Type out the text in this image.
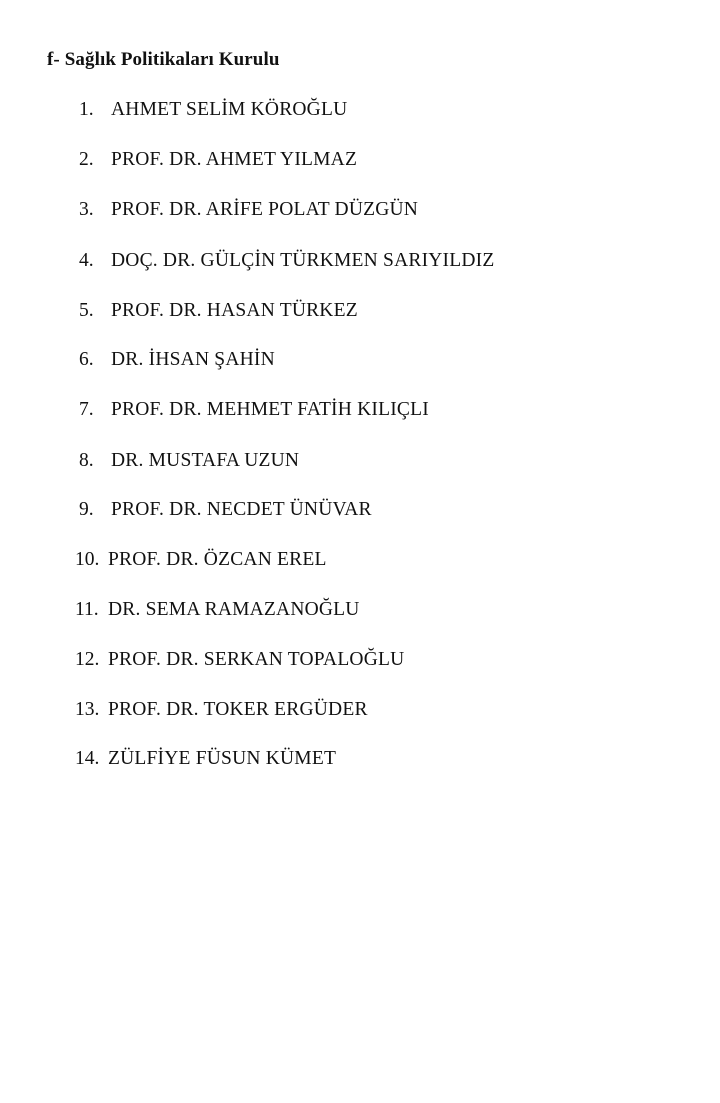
f- Sağlık Politikaları Kurulu
1. AHMET SELİM KÖROĞLU
2. PROF. DR. AHMET YILMAZ
3. PROF. DR. ARİFE POLAT DÜZGÜN
4. DOÇ. DR. GÜLÇİN TÜRKMEN SARIYILDIZ
5. PROF. DR. HASAN TÜRKEZ
6. DR. İHSAN ŞAHİN
7. PROF. DR. MEHMET FATİH KILIÇLI
8. DR. MUSTAFA UZUN
9. PROF. DR. NECDET ÜNÜVAR
10. PROF. DR. ÖZCAN EREL
11. DR. SEMA RAMAZANOĞLU
12. PROF. DR. SERKAN TOPALOĞLU
13. PROF. DR. TOKER ERGÜDER
14. ZÜLFİYE FÜSUN KÜMET
